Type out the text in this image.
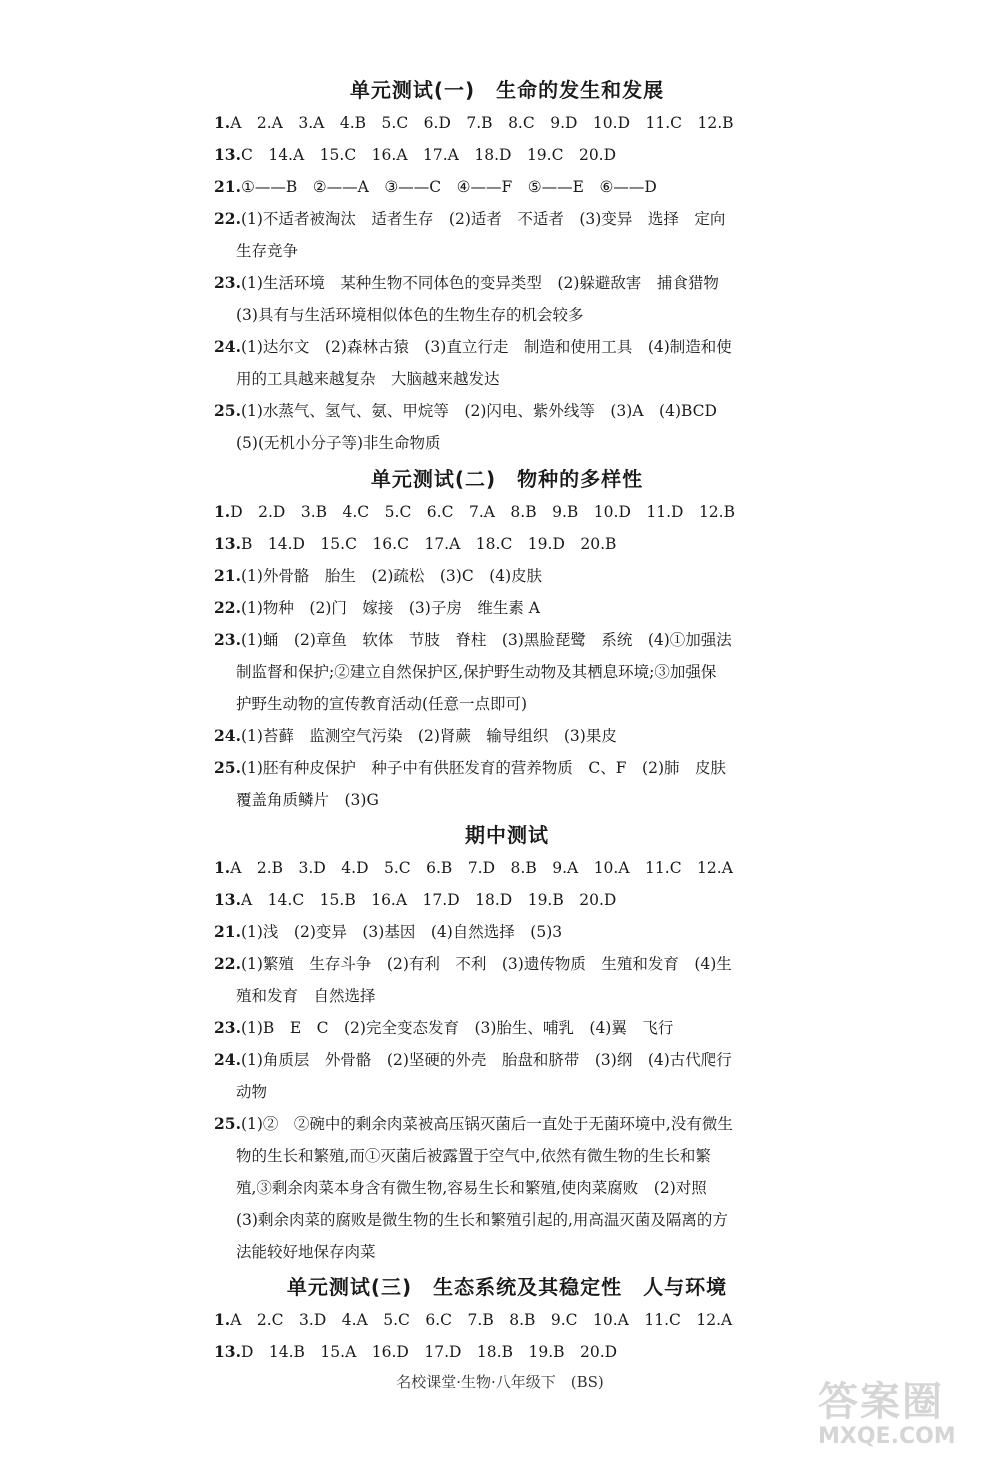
单元测试(一)　生命的发生和发展
1.A　2.A　3.A　4.B　5.C　6.D　7.B　8.C　9.D　10.D　11.C　12.B
13.C　14.A　15.C　16.A　17.A　18.D　19.C　20.D
21.①——B　②——A　③——C　④——F　⑤——E　⑥——D
22.(1)不适者被淘汰　适者生存　(2)适者　不适者　(3)变异　选择　定向
生存竞争
23.(1)生活环境　某种生物不同体色的变异类型　(2)躲避敌害　捕食猎物
(3)具有与生活环境相似体色的生物生存的机会较多
24.(1)达尔文　(2)森林古猿　(3)直立行走　制造和使用工具　(4)制造和使
用的工具越来越复杂　大脑越来越发达
25.(1)水蒸气、氢气、氨、甲烷等　(2)闪电、紫外线等　(3)A　(4)BCD
(5)(无机小分子等)非生命物质
单元测试(二)　物种的多样性
1.D　2.D　3.B　4.C　5.C　6.C　7.A　8.B　9.B　10.D　11.D　12.B
13.B　14.D　15.C　16.C　17.A　18.C　19.D　20.B
21.(1)外骨骼　胎生　(2)疏松　(3)C　(4)皮肤
22.(1)物种　(2)门　嫁接　(3)子房　维生素 A
23.(1)蛹　(2)章鱼　软体　节肢　脊柱　(3)黑脸琵鹭　系统　(4)①加强法
制监督和保护;②建立自然保护区,保护野生动物及其栖息环境;③加强保
护野生动物的宣传教育活动(任意一点即可)
24.(1)苔藓　监测空气污染　(2)肾蕨　输导组织　(3)果皮
25.(1)胚有种皮保护　种子中有供胚发育的营养物质　C、F　(2)肺　皮肤
覆盖角质鳞片　(3)G
期中测试
1.A　2.B　3.D　4.D　5.C　6.B　7.D　8.B　9.A　10.A　11.C　12.A
13.A　14.C　15.B　16.A　17.D　18.D　19.B　20.D
21.(1)浅　(2)变异　(3)基因　(4)自然选择　(5)3
22.(1)繁殖　生存斗争　(2)有利　不利　(3)遗传物质　生殖和发育　(4)生
殖和发育　自然选择
23.(1)B　E　C　(2)完全变态发育　(3)胎生、哺乳　(4)翼　飞行
24.(1)角质层　外骨骼　(2)坚硬的外壳　胎盘和脐带　(3)纲　(4)古代爬行
动物
25.(1)②　②碗中的剩余肉菜被高压锅灭菌后一直处于无菌环境中,没有微生
物的生长和繁殖,而①灭菌后被露置于空气中,依然有微生物的生长和繁
殖,③剩余肉菜本身含有微生物,容易生长和繁殖,使肉菜腐败　(2)对照
(3)剩余肉菜的腐败是微生物的生长和繁殖引起的,用高温灭菌及隔离的方
法能较好地保存肉菜
单元测试(三)　生态系统及其稳定性　人与环境
1.A　2.C　3.D　4.A　5.C　6.C　7.B　8.B　9.C　10.A　11.C　12.A
13.D　14.B　15.A　16.D　17.D　18.B　19.B　20.D
名校课堂·生物·八年级下　(BS)	答案圈
MXQE.COM
